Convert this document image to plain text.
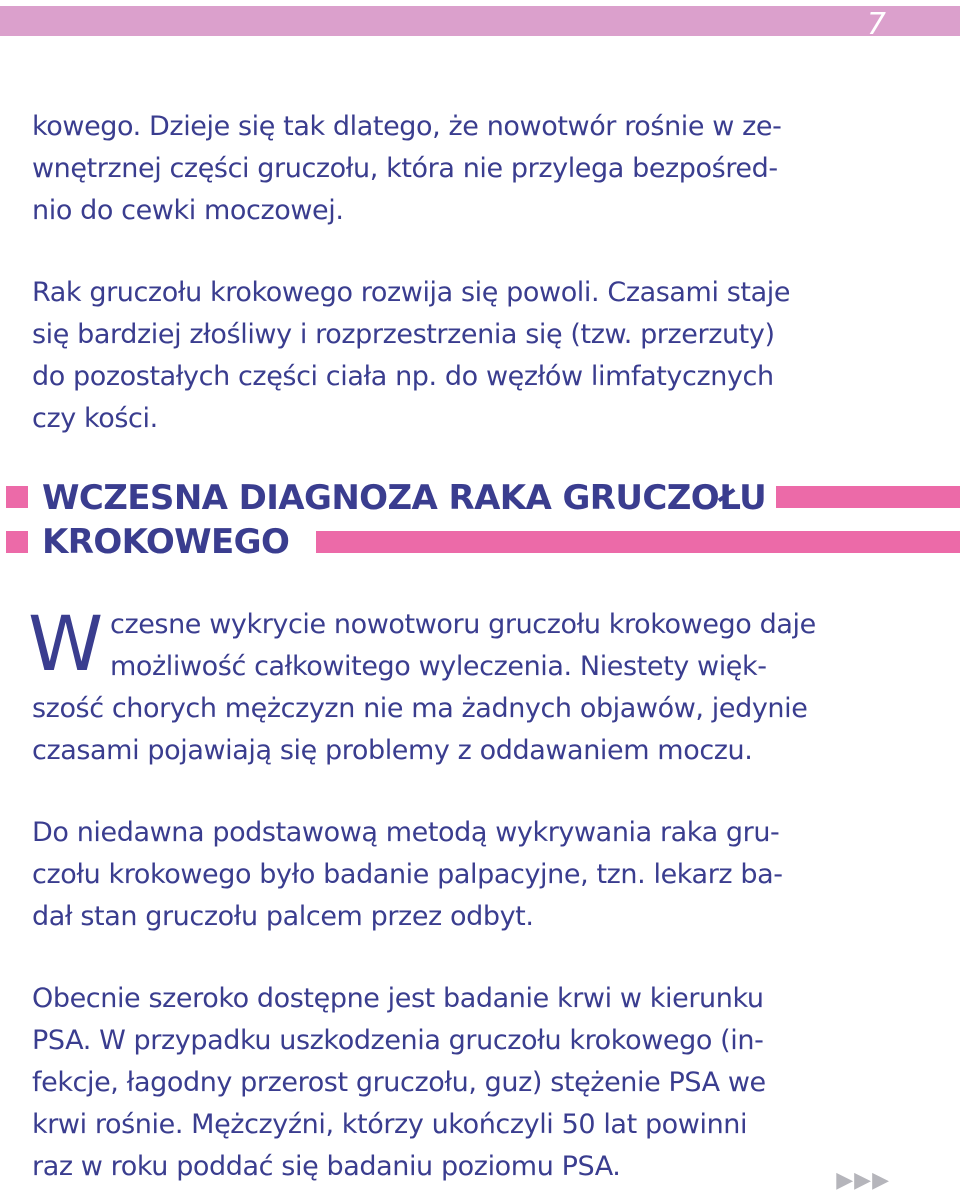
7
kowego. Dzieje się tak dlatego, że nowotwór rośnie w ze-
wnętrznej części gruczołu, która nie przylega bezpośred-
nio do cewki moczowej.
Rak gruczołu krokowego rozwija się powoli. Czasami staje
się bardziej złośliwy i rozprzestrzenia się (tzw. przerzuty)
do pozostałych części ciała np. do węzłów limfatycznych
czy kości.
WCZESNA DIAGNOZA RAKA GRUCZOŁU
KROKOWEGO
W czesne wykrycie nowotworu gruczołu krokowego daje
możliwość całkowitego wyleczenia. Niestety więk-
szość chorych mężczyzn nie ma żadnych objawów, jedynie
czasami pojawiają się problemy z oddawaniem moczu.
Do niedawna podstawową metodą wykrywania raka gru-
czołu krokowego było badanie palpacyjne, tzn. lekarz ba-
dał stan gruczołu palcem przez odbyt.
Obecnie szeroko dostępne jest badanie krwi w kierunku
PSA. W przypadku uszkodzenia gruczołu krokowego (in-
fekcje, łagodny przerost gruczołu, guz) stężenie PSA we
krwi rośnie. Mężczyźni, którzy ukończyli 50 lat powinni
raz w roku poddać się badaniu poziomu PSA.	▶▶▶
